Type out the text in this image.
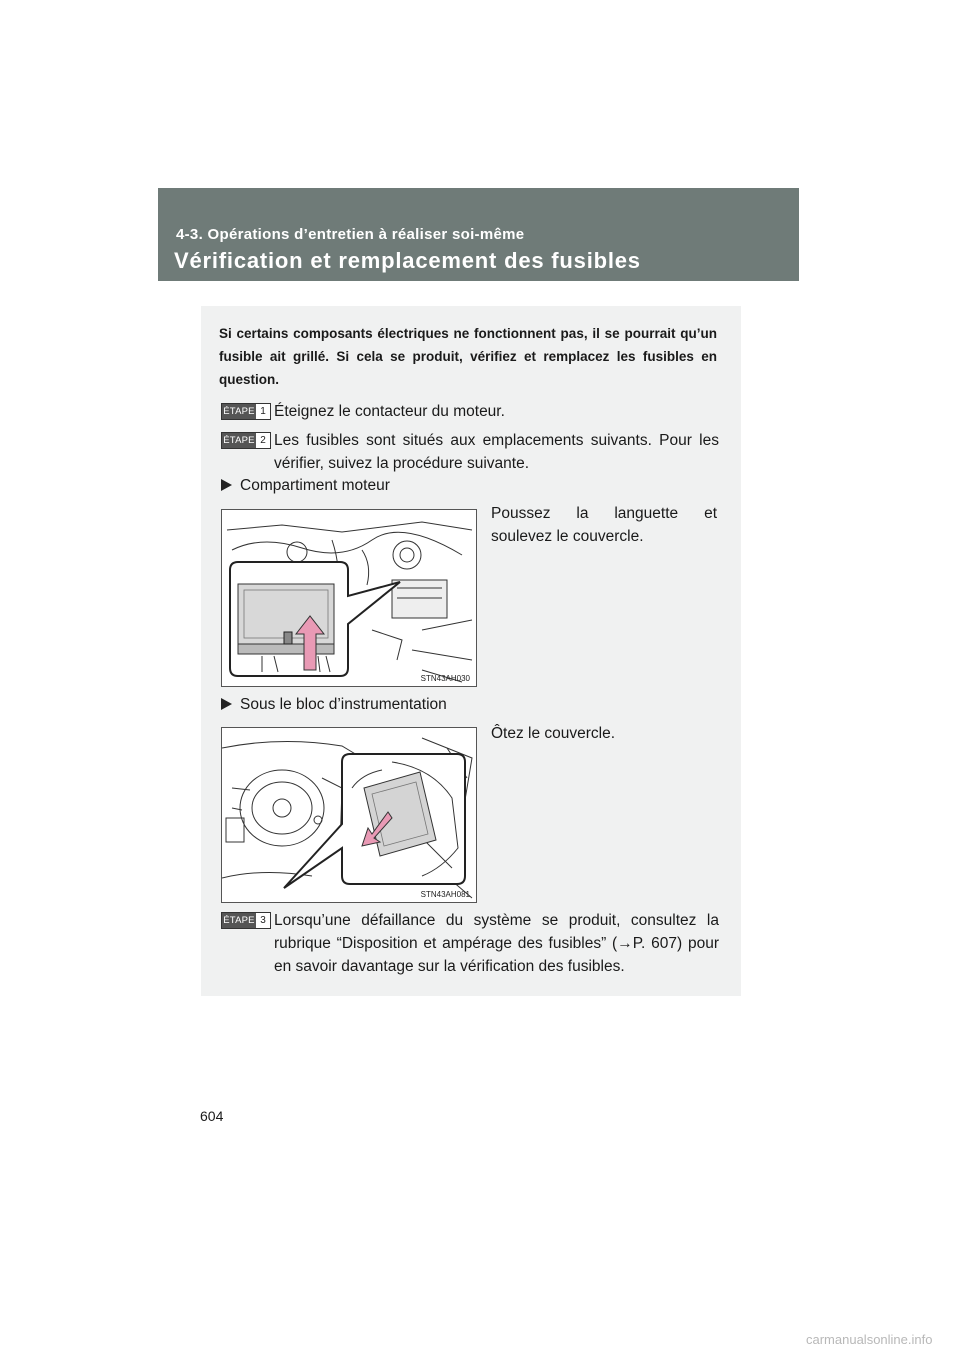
4-3. Opérations d’entretien à réaliser soi-même
Vérification et remplacement des fusibles
Si certains composants électriques ne fonctionnent pas, il se pourrait qu’un fusible ait grillé. Si cela se produit, vérifiez et remplacez les fusibles en question.
ÉTAPE 1 Éteignez le contacteur du moteur.
ÉTAPE 2 Les fusibles sont situés aux emplacements suivants. Pour les vérifier, suivez la procédure suivante.
Compartiment moteur
STN43AH030
Poussez la languette et soulevez le couvercle.
Sous le bloc d’instrumentation
STN43AH081
Ôtez le couvercle.
ÉTAPE 3 Lorsqu’une défaillance du système se produit, consultez la rubrique “Disposition et ampérage des fusibles” (→P. 607) pour en savoir davantage sur la vérification des fusibles.
604
carmanualsonline.info
